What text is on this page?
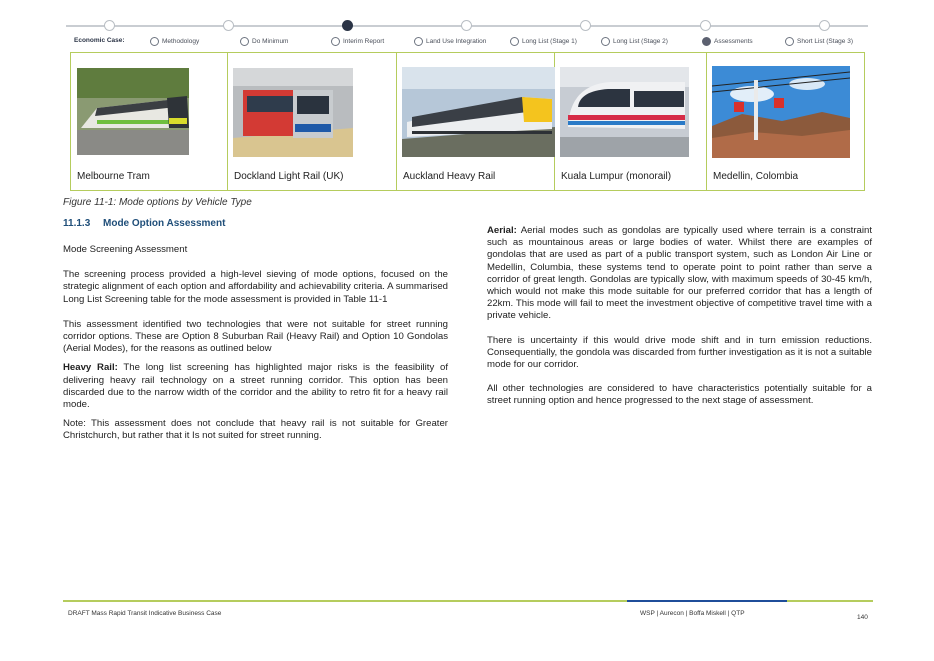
Economic Case:	Methodology	Do Minimum	Interim Report	Land Use Integration	Long List (Stage 1)	Long List (Stage 2)	Assessments	Short List (Stage 3)
Melbourne Tram	Dockland Light Rail (UK)	Auckland Heavy Rail	Kuala Lumpur (monorail)	Medellin, Colombia
Figure 11-1: Mode options by Vehicle Type
11.1.3 Mode Option Assessment

Mode Screening Assessment

The screening process provided a high-level sieving of mode options, focused on the strategic alignment of each option and affordability and achievability criteria. A summarised Long List Screening table for the mode assessment is provided in Table 11-1

This assessment identified two technologies that were not suitable for street running corridor options. These are Option 8 Suburban Rail (Heavy Rail) and Option 10 Gondolas (Aerial Modes), for the reasons as outlined below

Heavy Rail: The long list screening has highlighted major risks is the feasibility of delivering heavy rail technology on a street running corridor. This option has been discarded due to the narrow width of the corridor and the ability to retro fit for a heavy rail mode.

Note: This assessment does not conclude that heavy rail is not suitable for Greater Christchurch, but rather that it Is not suited for street running.

Aerial: Aerial modes such as gondolas are typically used where terrain is a constraint such as mountainous areas or large bodies of water. Whilst there are examples of gondolas that are used as part of a public transport system, such as London Air Line or Medellin, Columbia, these systems tend to operate point to point rather than serve a corridor of great length. Gondolas are typically slow, with maximum speeds of 30-45 km/h, which would not make this mode suitable for our preferred corridor that has a length of 22km. This mode will fail to meet the investment objective of competitive travel time with a private vehicle.

There is uncertainty if this would drive mode shift and in turn emission reductions. Consequentially, the gondola was discarded from further investigation as it is not a suitable mode for our corridor.

All other technologies are considered to have characteristics potentially suitable for a street running option and hence progressed to the next stage of assessment.

DRAFT Mass Rapid Transit Indicative Business Case	WSP | Aurecon | Boffa Miskell | QTP
140
